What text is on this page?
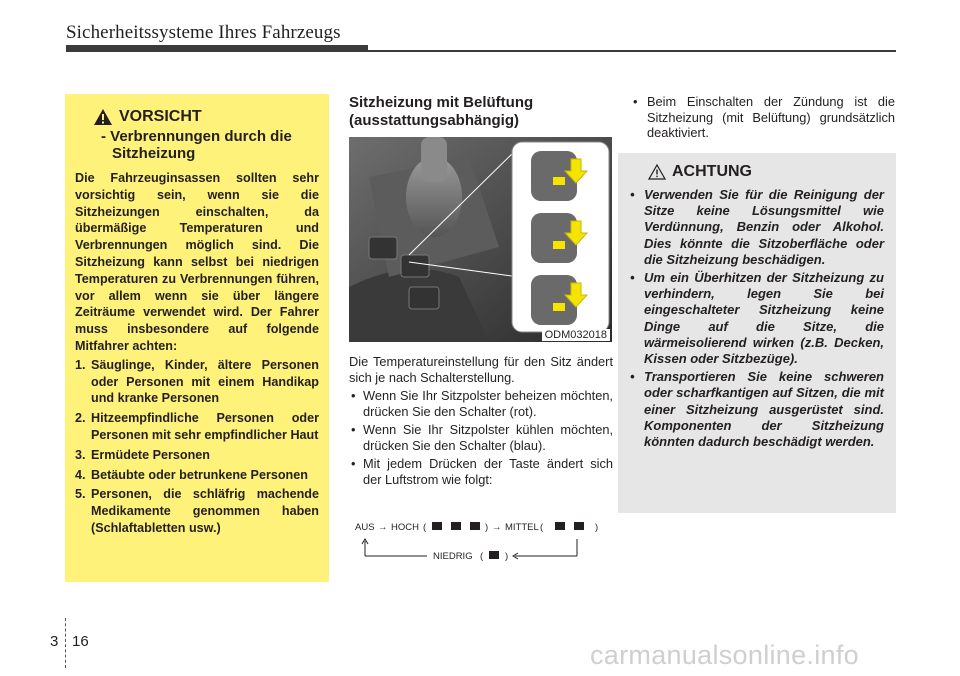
Sicherheitssysteme Ihres Fahrzeugs
VORSICHT
- Verbrennungen durch die Sitzheizung
Die Fahrzeuginsassen sollten sehr vorsichtig sein, wenn sie die Sitzheizungen einschalten, da übermäßige Temperaturen und Verbrennungen möglich sind. Die Sitzheizung kann selbst bei niedrigen Temperaturen zu Verbrennungen führen, vor allem wenn sie über längere Zeiträume verwendet wird. Der Fahrer muss insbesondere auf folgende Mitfahrer achten:
1. Säuglinge, Kinder, ältere Personen oder Personen mit einem Handikap und kranke Personen
2. Hitzeempfindliche Personen oder Personen mit sehr empfindlicher Haut
3. Ermüdete Personen
4. Betäubte oder betrunkene Personen
5. Personen, die schläfrig machende Medikamente genommen haben (Schlaftabletten usw.)
Sitzheizung mit Belüftung (ausstattungsabhängig)
ODM032018

Die Temperatureinstellung für den Sitz ändert sich je nach Schalterstellung.

• Wenn Sie Ihr Sitzpolster beheizen möchten, drücken Sie den Schalter (rot).
• Wenn Sie Ihr Sitzpolster kühlen möchten, drücken Sie den Schalter (blau).
• Mit jedem Drücken der Taste ändert sich der Luftstrom wie folgt:
AUS → HOCH (	) → MITTEL (	)
NIEDRIG ( )
• Beim Einschalten der Zündung ist die Sitzheizung (mit Belüftung) grundsätzlich deaktiviert.
ACHTUNG
• Verwenden Sie für die Reinigung der Sitze keine Lösungsmittel wie Verdünnung, Benzin oder Alkohol. Dies könnte die Sitzoberfläche oder die Sitzheizung beschädigen.
• Um ein Überhitzen der Sitzheizung zu verhindern, legen Sie bei eingeschalteter Sitzheizung keine Dinge auf die Sitze, die wärmeisolierend wirken (z.B. Decken, Kissen oder Sitzbezüge).
• Transportieren Sie keine schweren oder scharfkantigen auf Sitzen, die mit einer Sitzheizung ausgerüstet sind. Komponenten der Sitzheizung könnten dadurch beschädigt werden.
3 16	carmanualsonline.info
